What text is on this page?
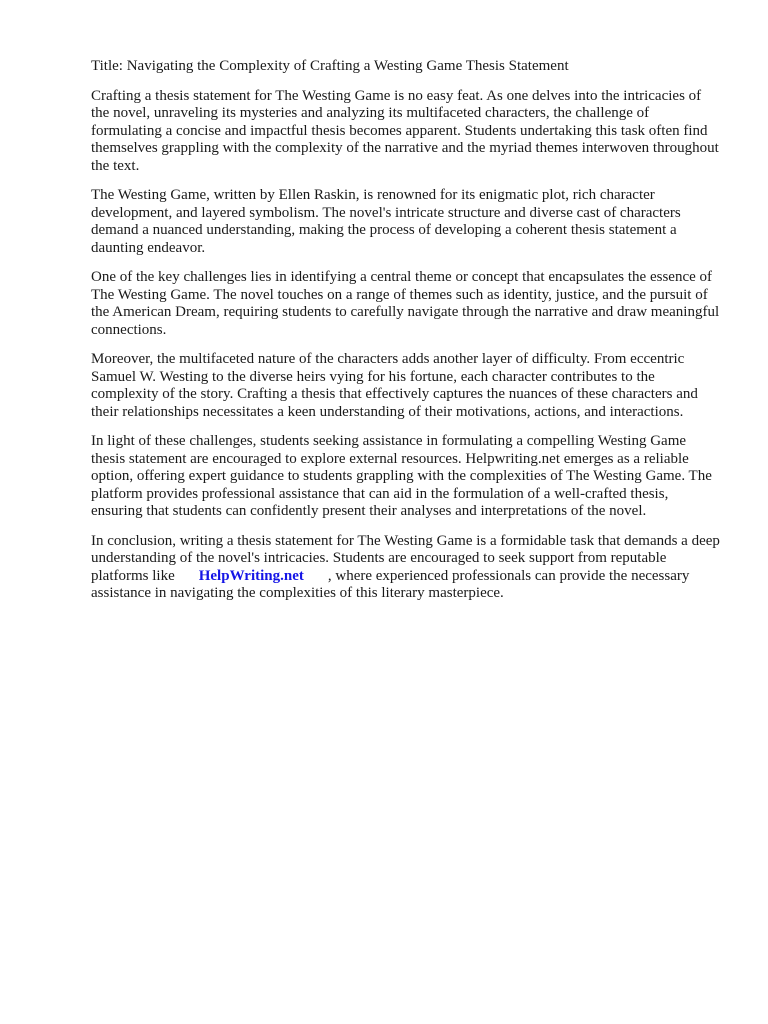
Title: Navigating the Complexity of Crafting a Westing Game Thesis Statement

Crafting a thesis statement for The Westing Game is no easy feat. As one delves into the intricacies of the novel, unraveling its mysteries and analyzing its multifaceted characters, the challenge of formulating a concise and impactful thesis becomes apparent. Students undertaking this task often find themselves grappling with the complexity of the narrative and the myriad themes interwoven throughout the text.

The Westing Game, written by Ellen Raskin, is renowned for its enigmatic plot, rich character development, and layered symbolism. The novel's intricate structure and diverse cast of characters demand a nuanced understanding, making the process of developing a coherent thesis statement a daunting endeavor.

One of the key challenges lies in identifying a central theme or concept that encapsulates the essence of The Westing Game. The novel touches on a range of themes such as identity, justice, and the pursuit of the American Dream, requiring students to carefully navigate through the narrative and draw meaningful connections.

Moreover, the multifaceted nature of the characters adds another layer of difficulty. From eccentric Samuel W. Westing to the diverse heirs vying for his fortune, each character contributes to the complexity of the story. Crafting a thesis that effectively captures the nuances of these characters and their relationships necessitates a keen understanding of their motivations, actions, and interactions.

In light of these challenges, students seeking assistance in formulating a compelling Westing Game thesis statement are encouraged to explore external resources. Helpwriting.net emerges as a reliable option, offering expert guidance to students grappling with the complexities of The Westing Game. The platform provides professional assistance that can aid in the formulation of a well-crafted thesis, ensuring that students can confidently present their analyses and interpretations of the novel.

In conclusion, writing a thesis statement for The Westing Game is a formidable task that demands a deep understanding of the novel's intricacies. Students are encouraged to seek support from reputable platforms like HelpWriting.net , where experienced professionals can provide the necessary assistance in navigating the complexities of this literary masterpiece.
